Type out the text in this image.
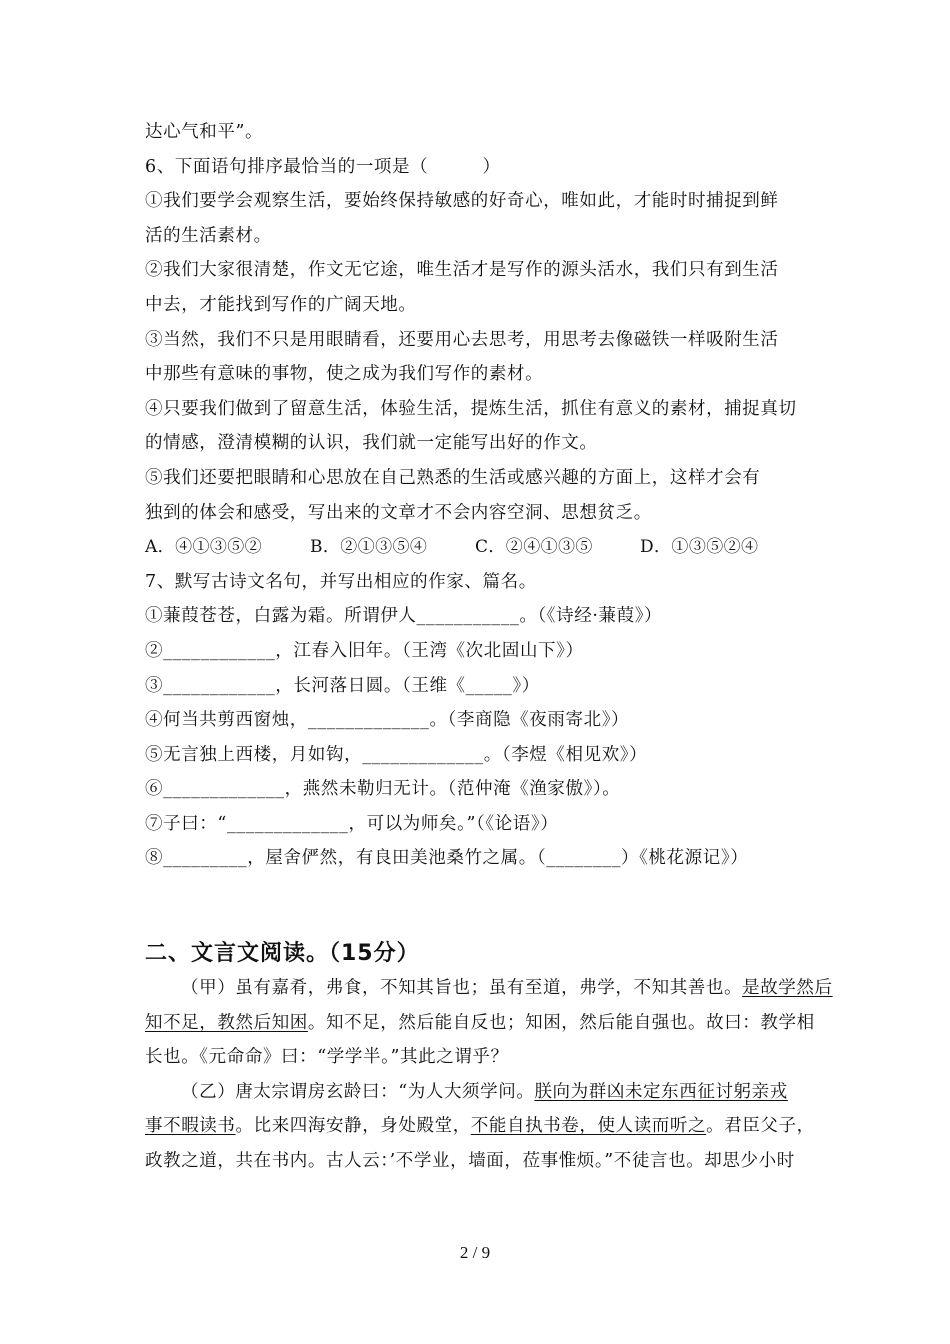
达心气和平”。
6、下面语句排序最恰当的一项是（　　　）
①我们要学会观察生活，要始终保持敏感的好奇心，唯如此，才能时时捕捉到鲜
活的生活素材。
②我们大家很清楚，作文无它途，唯生活才是写作的源头活水，我们只有到生活
中去，才能找到写作的广阔天地。
③当然，我们不只是用眼睛看，还要用心去思考，用思考去像磁铁一样吸附生活
中那些有意味的事物，使之成为我们写作的素材。
④只要我们做到了留意生活，体验生活，提炼生活，抓住有意义的素材，捕捉真切
的情感，澄清模糊的认识，我们就一定能写出好的作文。
⑤我们还要把眼睛和心思放在自己熟悉的生活或感兴趣的方面上，这样才会有
独到的体会和感受，写出来的文章才不会内容空洞、思想贫乏。
A．④①③⑤②	B．②①③⑤④	C．②④①③⑤	D．①③⑤②④
7、默写古诗文名句，并写出相应的作家、篇名。
①蒹葭苍苍，白露为霜。所谓伊人___________。（《诗经·蒹葭》）
②____________，江春入旧年。（王湾《次北固山下》）
③____________，长河落日圆。（王维《_____》）
④何当共剪西窗烛，_____________。（李商隐《夜雨寄北》）
⑤无言独上西楼，月如钩，_____________。（李煜《相见欢》）
⑥_____________，燕然未勒归无计。（范仲淹《渔家傲》）。
⑦子曰：“_____________，可以为师矣。”（《论语》）
⑧_________，屋舍俨然，有良田美池桑竹之属。（________）《桃花源记》）
二、文言文阅读。（15分）
（甲）虽有嘉肴，弗食，不知其旨也；虽有至道，弗学，不知其善也。是故学然后
知不足，教然后知困。知不足，然后能自反也；知困，然后能自强也。故曰：教学相
长也。《元命命》曰：“学学半。”其此之谓乎？
（乙）唐太宗谓房玄龄曰：“为人大须学问。朕向为群凶未定东西征讨躬亲戎
事不暇读书。比来四海安静，身处殿堂，不能自执书卷，使人读而听之。君臣父子，
政教之道，共在书内。古人云：’不学业，墙面，莅事惟烦。”不徒言也。却思少小时
2 / 9
